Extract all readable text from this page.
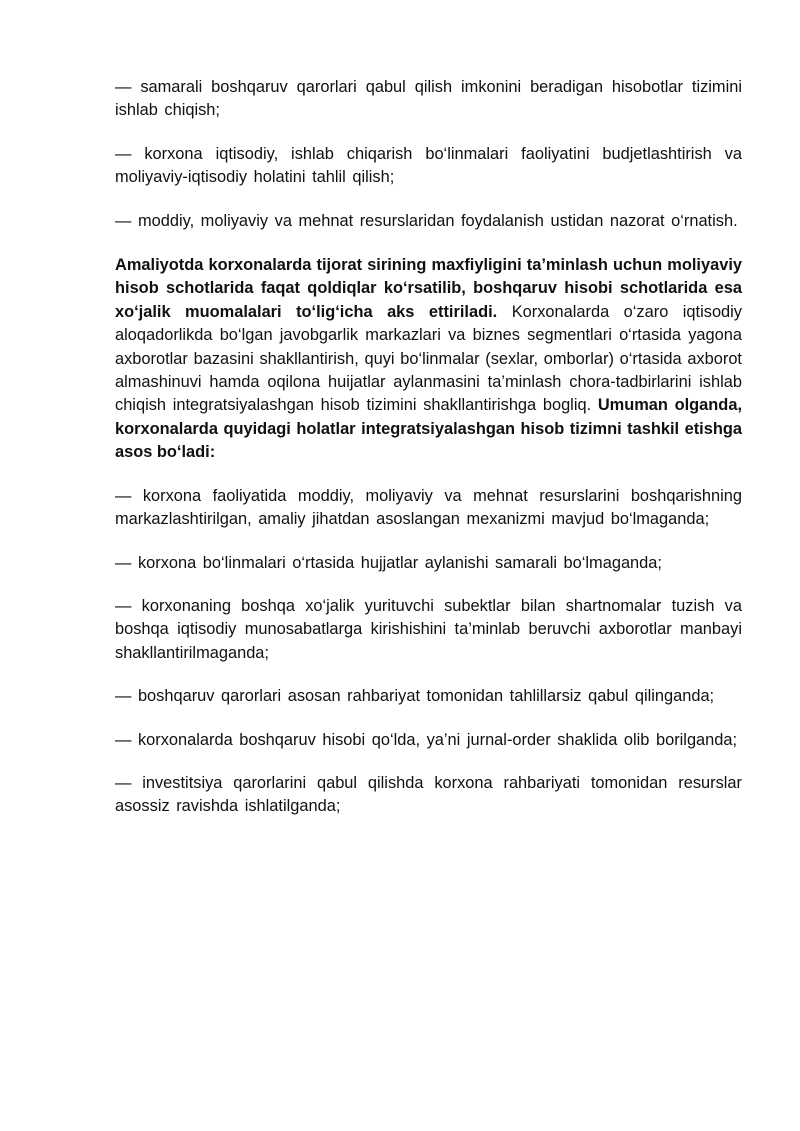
— samarali boshqaruv qarorlari qabul qilish imkonini beradigan hisobotlar tizimini ishlab chiqish;

— korxona iqtisodiy, ishlab chiqarish bo‘linmalari faoliyatini budjetlashtirish va moliyaviy-iqtisodiy holatini tahlil qilish;

— moddiy, moliyaviy va mehnat resurslaridan foydalanish ustidan nazorat o‘rnatish.

Amaliyotda korxonalarda tijorat sirining maxfiyligini ta’minlash uchun moliyaviy hisob schotlarida faqat qoldiqlar ko‘rsatilib, boshqaruv hisobi schotlarida esa xo‘jalik muomalalari to‘lig‘icha aks ettiriladi. Korxonalarda o‘zaro iqtisodiy aloqadorlikda bo‘lgan javobgarlik markazlari va biznes segmentlari o‘rtasida yagona axborotlar bazasini shakllantirish, quyi bo‘linmalar (sexlar, omborlar) o‘rtasida axborot almashinuvi hamda oqilona huijatlar aylanmasini ta’minlash chora-tadbirlarini ishlab chiqish integratsiyalashgan hisob tizimini shakllantirishga bogliq. Umuman olganda, korxonalarda quyidagi holatlar integratsiyalashgan hisob tizimni tashkil etishga asos bo‘ladi:

— korxona faoliyatida moddiy, moliyaviy va mehnat resurslarini boshqarishning markazlashtirilgan, amaliy jihatdan asoslangan mexanizmi mavjud bo‘lmaganda;

— korxona bo‘linmalari o‘rtasida hujjatlar aylanishi samarali bo‘lmaganda;

— korxonaning boshqa xo‘jalik yurituvchi subektlar bilan shartnomalar tuzish va boshqa iqtisodiy munosabatlarga kirishishini ta’minlab beruvchi axborotlar manbayi shakllantirilmaganda;

— boshqaruv qarorlari asosan rahbariyat tomonidan tahlillarsiz qabul qilinganda;

— korxonalarda boshqaruv hisobi qo‘lda, ya’ni jurnal-order shaklida olib borilganda;

— investitsiya qarorlarini qabul qilishda korxona rahbariyati tomonidan resurslar asossiz ravishda ishlatilganda;
